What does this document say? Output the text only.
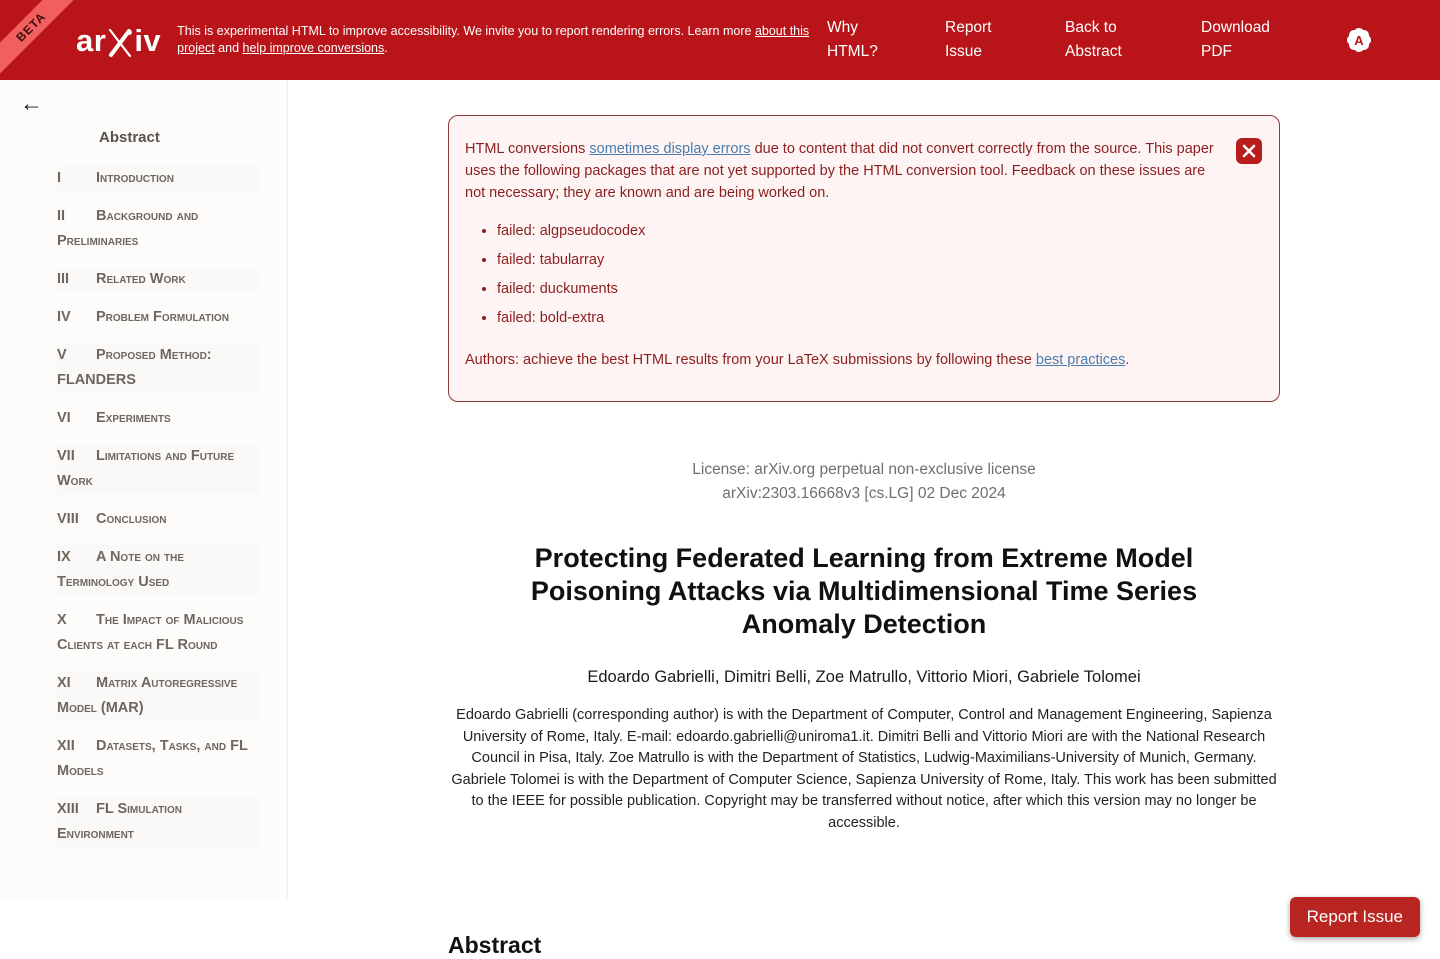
BETA ar iv This is experimental HTML to improve accessibility. We invite you to report rendering errors. Learn more about this project and help improve conversions.
Why HTML?
Report Issue
Back to Abstract
Download PDF
A
←
Abstract
I Introduction
II Background and Preliminaries
III Related Work
IV Problem Formulation
V Proposed Method: FLANDERS
VI Experiments
VII Limitations and Future Work
VIII Conclusion
IX A Note on the Terminology Used
X The Impact of Malicious Clients at each FL Round
XI Matrix Autoregressive Model (MAR)
XII Datasets, Tasks, and FL Models
XIII FL Simulation Environment

HTML conversions sometimes display errors due to content that did not convert correctly from the source. This paper uses the following packages that are not yet supported by the HTML conversion tool. Feedback on these issues are not necessary; they are known and are being worked on.

• failed: algpseudocodex
• failed: tabularray
• failed: duckuments
• failed: bold-extra

Authors: achieve the best HTML results from your LaTeX submissions by following these best practices.

License: arXiv.org perpetual non-exclusive license
arXiv:2303.16668v3 [cs.LG] 02 Dec 2024
Protecting Federated Learning from Extreme Model Poisoning Attacks via Multidimensional Time Series Anomaly Detection
Edoardo Gabrielli, Dimitri Belli, Zoe Matrullo, Vittorio Miori, Gabriele Tolomei

Edoardo Gabrielli (corresponding author) is with the Department of Computer, Control and Management Engineering, Sapienza University of Rome, Italy. E-mail: edoardo.gabrielli@uniroma1.it. Dimitri Belli and Vittorio Miori are with the National Research Council in Pisa, Italy. Zoe Matrullo is with the Department of Statistics, Ludwig-Maximilians-University of Munich, Germany. Gabriele Tolomei is with the Department of Computer Science, Sapienza University of Rome, Italy. This work has been submitted to the IEEE for possible publication. Copyright may be transferred without notice, after which this version may no longer be accessible.

Abstract
Report Issue
